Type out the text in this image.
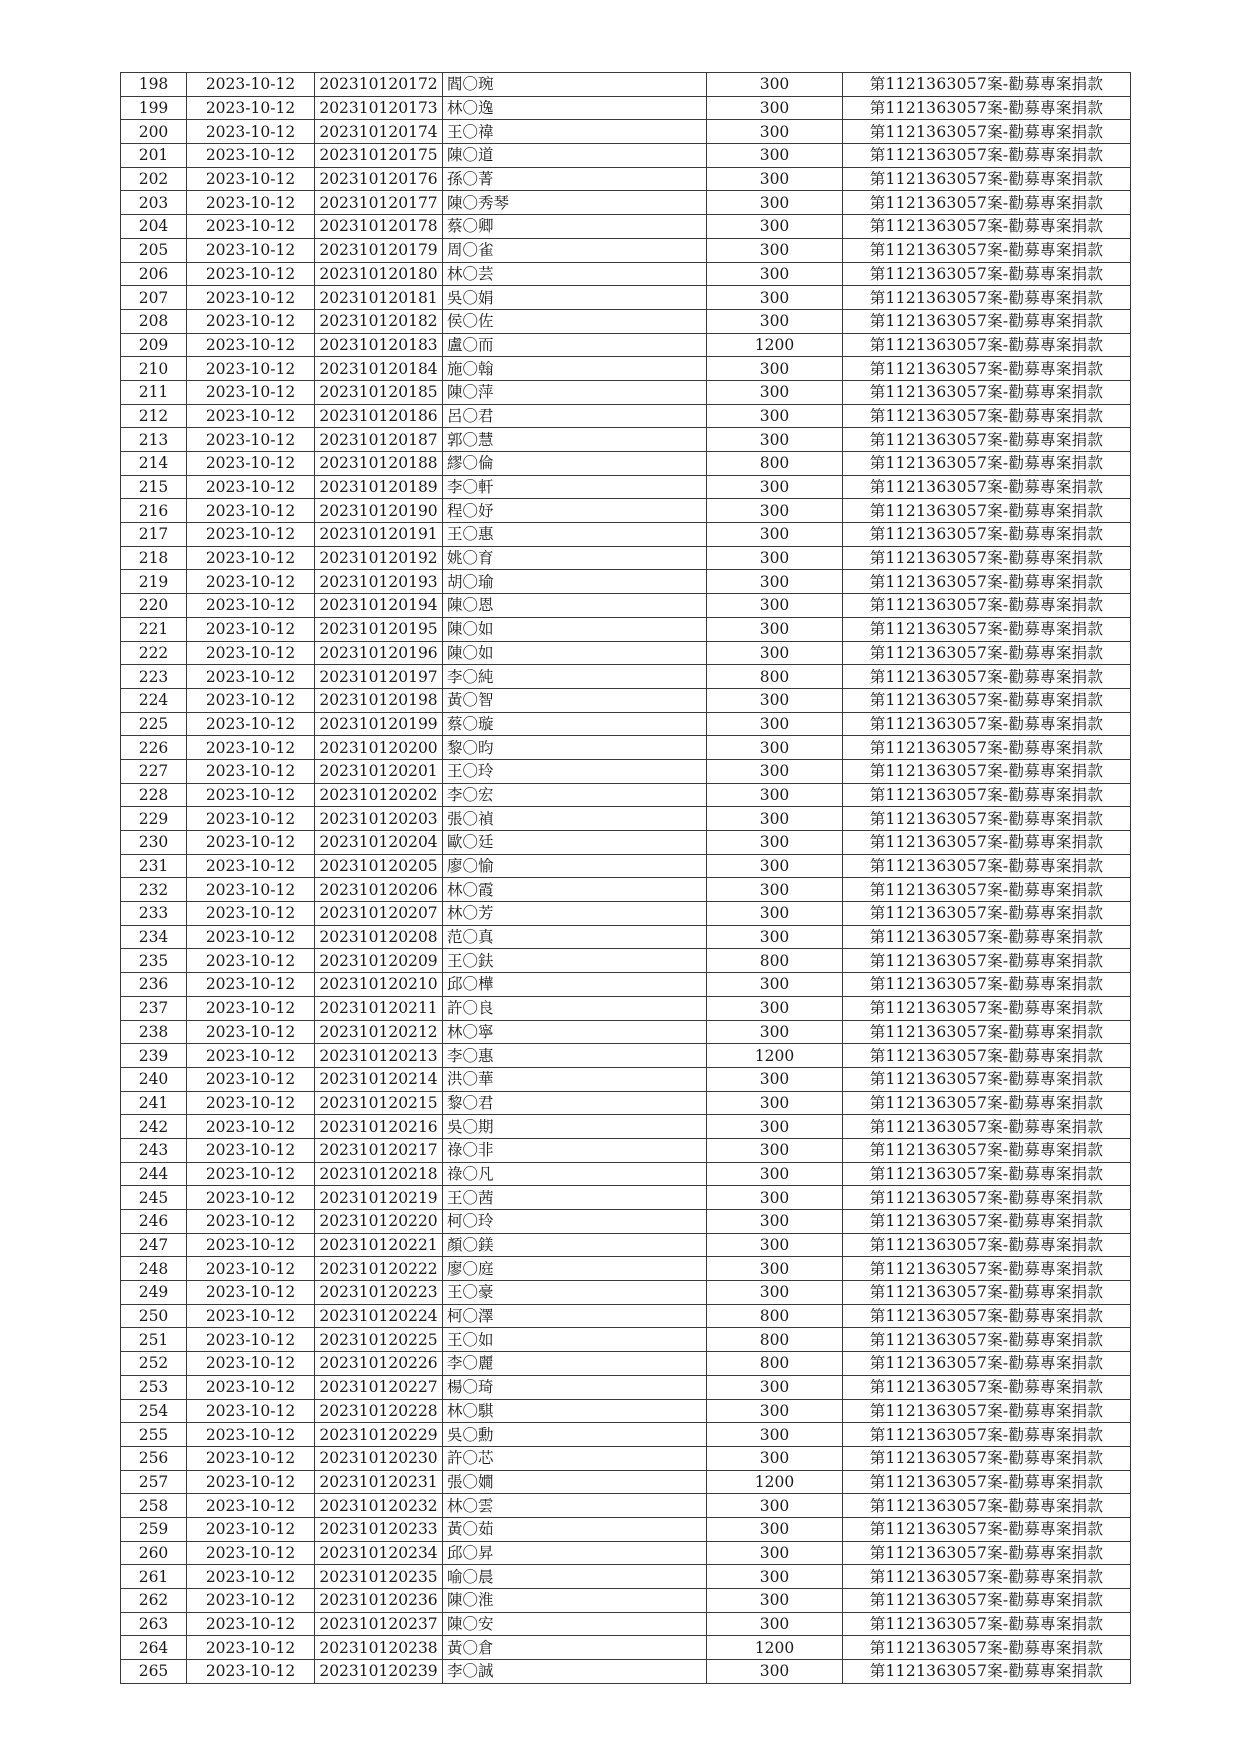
198	2023-10-12	202310120172	閻〇琬	300	第1121363057案-勸募專案捐款
199	2023-10-12	202310120173	林〇逸	300	第1121363057案-勸募專案捐款
200	2023-10-12	202310120174	王〇禕	300	第1121363057案-勸募專案捐款
201	2023-10-12	202310120175	陳〇道	300	第1121363057案-勸募專案捐款
202	2023-10-12	202310120176	孫〇菁	300	第1121363057案-勸募專案捐款
203	2023-10-12	202310120177	陳〇秀琴	300	第1121363057案-勸募專案捐款
204	2023-10-12	202310120178	蔡〇卿	300	第1121363057案-勸募專案捐款
205	2023-10-12	202310120179	周〇雀	300	第1121363057案-勸募專案捐款
206	2023-10-12	202310120180	林〇芸	300	第1121363057案-勸募專案捐款
207	2023-10-12	202310120181	吳〇娟	300	第1121363057案-勸募專案捐款
208	2023-10-12	202310120182	侯〇佐	300	第1121363057案-勸募專案捐款
209	2023-10-12	202310120183	盧〇而	1200	第1121363057案-勸募專案捐款
210	2023-10-12	202310120184	施〇翰	300	第1121363057案-勸募專案捐款
211	2023-10-12	202310120185	陳〇萍	300	第1121363057案-勸募專案捐款
212	2023-10-12	202310120186	呂〇君	300	第1121363057案-勸募專案捐款
213	2023-10-12	202310120187	郭〇慧	300	第1121363057案-勸募專案捐款
214	2023-10-12	202310120188	繆〇倫	800	第1121363057案-勸募專案捐款
215	2023-10-12	202310120189	李〇軒	300	第1121363057案-勸募專案捐款
216	2023-10-12	202310120190	程〇妤	300	第1121363057案-勸募專案捐款
217	2023-10-12	202310120191	王〇惠	300	第1121363057案-勸募專案捐款
218	2023-10-12	202310120192	姚〇育	300	第1121363057案-勸募專案捐款
219	2023-10-12	202310120193	胡〇瑜	300	第1121363057案-勸募專案捐款
220	2023-10-12	202310120194	陳〇恩	300	第1121363057案-勸募專案捐款
221	2023-10-12	202310120195	陳〇如	300	第1121363057案-勸募專案捐款
222	2023-10-12	202310120196	陳〇如	300	第1121363057案-勸募專案捐款
223	2023-10-12	202310120197	李〇純	800	第1121363057案-勸募專案捐款
224	2023-10-12	202310120198	黃〇智	300	第1121363057案-勸募專案捐款
225	2023-10-12	202310120199	蔡〇璇	300	第1121363057案-勸募專案捐款
226	2023-10-12	202310120200	黎〇昀	300	第1121363057案-勸募專案捐款
227	2023-10-12	202310120201	王〇玲	300	第1121363057案-勸募專案捐款
228	2023-10-12	202310120202	李〇宏	300	第1121363057案-勸募專案捐款
229	2023-10-12	202310120203	張〇禎	300	第1121363057案-勸募專案捐款
230	2023-10-12	202310120204	歐〇廷	300	第1121363057案-勸募專案捐款
231	2023-10-12	202310120205	廖〇愉	300	第1121363057案-勸募專案捐款
232	2023-10-12	202310120206	林〇霞	300	第1121363057案-勸募專案捐款
233	2023-10-12	202310120207	林〇芳	300	第1121363057案-勸募專案捐款
234	2023-10-12	202310120208	范〇真	300	第1121363057案-勸募專案捐款
235	2023-10-12	202310120209	王〇鈇	800	第1121363057案-勸募專案捐款
236	2023-10-12	202310120210	邱〇樺	300	第1121363057案-勸募專案捐款
237	2023-10-12	202310120211	許〇良	300	第1121363057案-勸募專案捐款
238	2023-10-12	202310120212	林〇寧	300	第1121363057案-勸募專案捐款
239	2023-10-12	202310120213	李〇惠	1200	第1121363057案-勸募專案捐款
240	2023-10-12	202310120214	洪〇華	300	第1121363057案-勸募專案捐款
241	2023-10-12	202310120215	黎〇君	300	第1121363057案-勸募專案捐款
242	2023-10-12	202310120216	吳〇期	300	第1121363057案-勸募專案捐款
243	2023-10-12	202310120217	祿〇非	300	第1121363057案-勸募專案捐款
244	2023-10-12	202310120218	祿〇凡	300	第1121363057案-勸募專案捐款
245	2023-10-12	202310120219	王〇茜	300	第1121363057案-勸募專案捐款
246	2023-10-12	202310120220	柯〇玲	300	第1121363057案-勸募專案捐款
247	2023-10-12	202310120221	顏〇鎂	300	第1121363057案-勸募專案捐款
248	2023-10-12	202310120222	廖〇庭	300	第1121363057案-勸募專案捐款
249	2023-10-12	202310120223	王〇豪	300	第1121363057案-勸募專案捐款
250	2023-10-12	202310120224	柯〇澤	800	第1121363057案-勸募專案捐款
251	2023-10-12	202310120225	王〇如	800	第1121363057案-勸募專案捐款
252	2023-10-12	202310120226	李〇麗	800	第1121363057案-勸募專案捐款
253	2023-10-12	202310120227	楊〇琦	300	第1121363057案-勸募專案捐款
254	2023-10-12	202310120228	林〇騏	300	第1121363057案-勸募專案捐款
255	2023-10-12	202310120229	吳〇勳	300	第1121363057案-勸募專案捐款
256	2023-10-12	202310120230	許〇芯	300	第1121363057案-勸募專案捐款
257	2023-10-12	202310120231	張〇嫺	1200	第1121363057案-勸募專案捐款
258	2023-10-12	202310120232	林〇雲	300	第1121363057案-勸募專案捐款
259	2023-10-12	202310120233	黃〇茹	300	第1121363057案-勸募專案捐款
260	2023-10-12	202310120234	邱〇昇	300	第1121363057案-勸募專案捐款
261	2023-10-12	202310120235	喻〇晨	300	第1121363057案-勸募專案捐款
262	2023-10-12	202310120236	陳〇淮	300	第1121363057案-勸募專案捐款
263	2023-10-12	202310120237	陳〇安	300	第1121363057案-勸募專案捐款
264	2023-10-12	202310120238	黃〇倉	1200	第1121363057案-勸募專案捐款
265	2023-10-12	202310120239	李〇誠	300	第1121363057案-勸募專案捐款
